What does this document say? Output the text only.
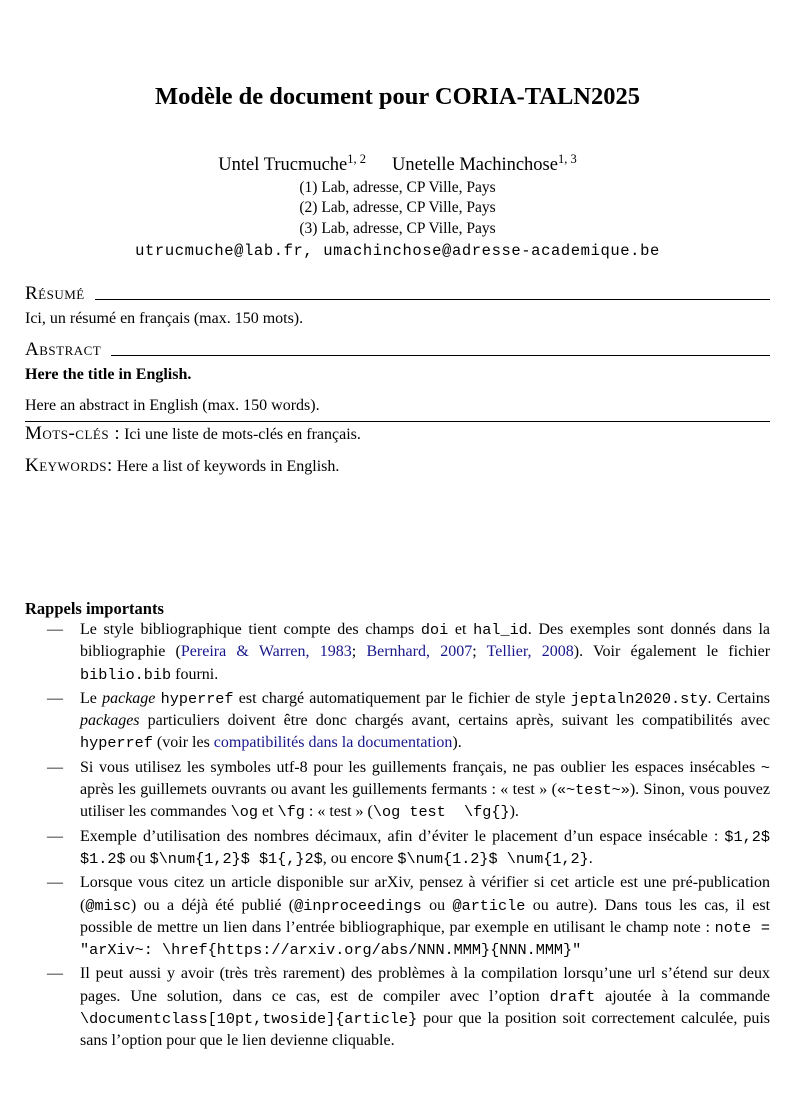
Modèle de document pour CORIA-TALN2025
Untel Trucmuche$^{1, 2}$ Unetelle Machinchose$^{1, 3}$
(1) Lab, adresse, CP Ville, Pays
(2) Lab, adresse, CP Ville, Pays
(3) Lab, adresse, CP Ville, Pays
utrucmuche@lab.fr, umachinchose@adresse-academique.be
Résumé
Ici, un résumé en français (max. 150 mots).
Abstract
Here the title in English.
Here an abstract in English (max. 150 words).
Mots-clés : Ici une liste de mots-clés en français.
Keywords: Here a list of keywords in English.
Rappels importants
— Le style bibliographique tient compte des champs doi et hal_id. Des exemples sont donnés dans la bibliographie (Pereira & Warren, 1983; Bernhard, 2007; Tellier, 2008). Voir également le fichier biblio.bib fourni.
— Le package hyperref est chargé automatiquement par le fichier de style jeptaln2020.sty. Certains packages particuliers doivent être donc chargés avant, certains après, suivant les compatibilités avec hyperref (voir les compatibilités dans la documentation).
— Si vous utilisez les symboles utf-8 pour les guillements français, ne pas oublier les espaces insécables ~ après les guillemets ouvrants ou avant les guillements fermants : « test » («~test~»). Sinon, vous pouvez utiliser les commandes \og et \fg : « test » (\og test  \fg{}).
— Exemple d’utilisation des nombres décimaux, afin d’éviter le placement d’un espace insécable : $1,2$ $1.2$ ou $\num{1,2}$ $1{,}2$, ou encore $\num{1.2}$ \num{1,2}.
— Lorsque vous citez un article disponible sur arXiv, pensez à vérifier si cet article est une pré-publication (@misc) ou a déjà été publié (@inproceedings ou @article ou autre). Dans tous les cas, il est possible de mettre un lien dans l’entrée bibliographique, par exemple en utilisant le champ note : note = "arXiv~: \href{https://arxiv.org/abs/NNN.MMM}{NNN.MMM}"
— Il peut aussi y avoir (très très rarement) des problèmes à la compilation lorsqu’une url s’étend sur deux pages. Une solution, dans ce cas, est de compiler avec l’option draft ajoutée à la commande \documentclass[10pt,twoside]{article} pour que la position soit correctement calculée, puis sans l’option pour que le lien devienne cliquable.
